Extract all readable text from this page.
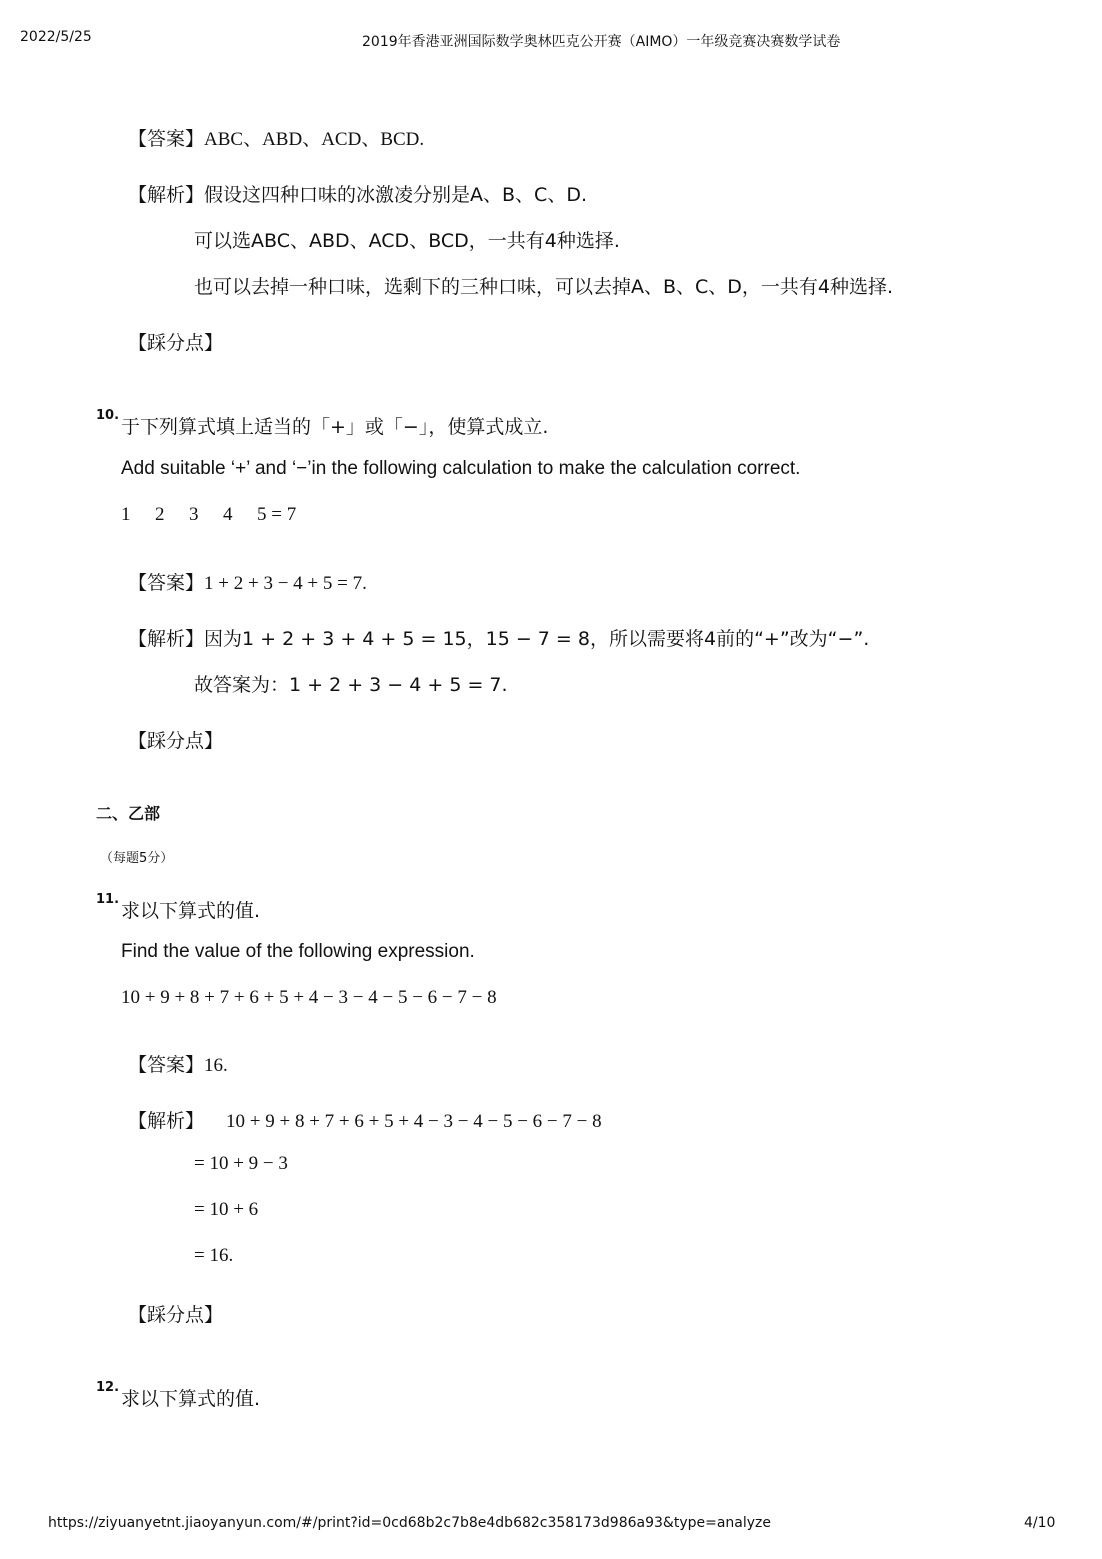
2022/5/25	2019年香港亚洲国际数学奥林匹克公开赛（AIMO）一年级竞赛决赛数学试卷
【答案】ABC、ABD、ACD、BCD.
【解析】假设这四种口味的冰激凌分别是A、B、C、D.
可以选ABC、ABD、ACD、BCD，一共有4种选择.
也可以去掉一种口味，选剩下的三种口味，可以去掉A、B、C、D，一共有4种选择.
【踩分点】
10.
于下列算式填上适当的「+」或「−」，使算式成立.
Add suitable ‘+’ and ‘−’in the following calculation to make the calculation correct.
1 2 3 4 5 = 7
【答案】1 + 2 + 3 − 4 + 5 = 7.
【解析】因为1 + 2 + 3 + 4 + 5 = 15，15 − 7 = 8，所以需要将4前的“+”改为“−”.
故答案为：1 + 2 + 3 − 4 + 5 = 7.
【踩分点】
二、乙部
（每题5分）
11.
求以下算式的值.
Find the value of the following expression.
10 + 9 + 8 + 7 + 6 + 5 + 4 − 3 − 4 − 5 − 6 − 7 − 8
【答案】16.
【解析】 10 + 9 + 8 + 7 + 6 + 5 + 4 − 3 − 4 − 5 − 6 − 7 − 8
= 10 + 9 − 3
= 10 + 6
= 16.
【踩分点】
12.
求以下算式的值.
https://ziyuanyetnt.jiaoyanyun.com/#/print?id=0cd68b2c7b8e4db682c358173d986a93&type=analyze	4/10
